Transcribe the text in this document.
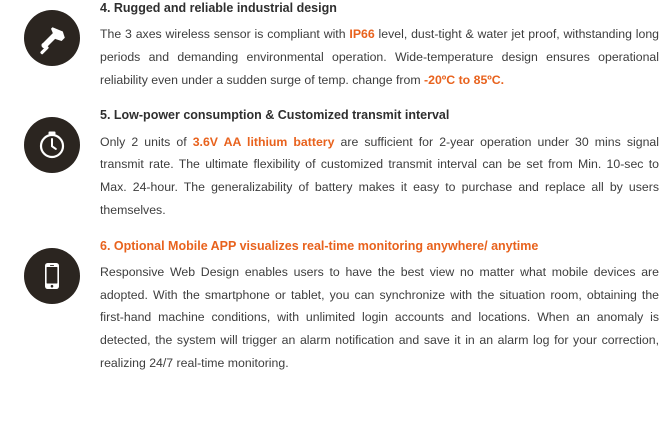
4. Rugged and reliable industrial design

The 3 axes wireless sensor is compliant with IP66 level, dust-tight & water jet proof, withstanding long periods and demanding environmental operation. Wide-temperature design ensures operational reliability even under a sudden surge of temp. change from -20ºC to 85ºC.

5. Low-power consumption & Customized transmit interval

Only 2 units of 3.6V AA lithium battery are sufficient for 2-year operation under 30 mins signal transmit rate. The ultimate flexibility of customized transmit interval can be set from Min. 10-sec to Max. 24-hour. The generalizability of battery makes it easy to purchase and replace all by users themselves.

6. Optional Mobile APP visualizes real-time monitoring anywhere/ anytime

Responsive Web Design enables users to have the best view no matter what mobile devices are adopted. With the smartphone or tablet, you can synchronize with the situation room, obtaining the first-hand machine conditions, with unlimited login accounts and locations. When an anomaly is detected, the system will trigger an alarm notification and save it in an alarm log for your correction, realizing 24/7 real-time monitoring.
